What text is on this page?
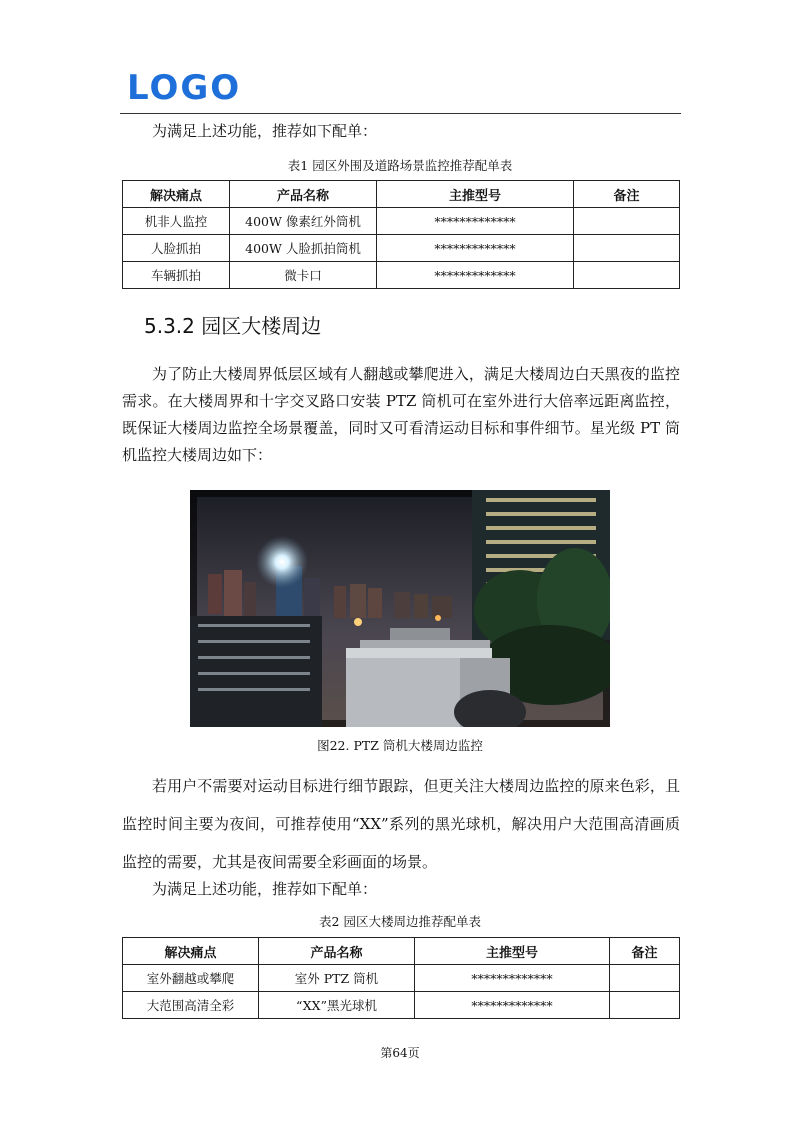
LOGO

为满足上述功能，推荐如下配单：

表1 园区外围及道路场景监控推荐配单表
解决痛点	产品名称	主推型号	备注
机非人监控	400W 像素红外筒机	*************	
人脸抓拍	400W 人脸抓拍筒机	*************	
车辆抓拍	微卡口	*************	
5.3.2 园区大楼周边

为了防止大楼周界低层区域有人翻越或攀爬进入，满足大楼周边白天黑夜的监控需求。在大楼周界和十字交叉路口安装 PTZ 筒机可在室外进行大倍率远距离监控，既保证大楼周边监控全场景覆盖，同时又可看清运动目标和事件细节。星光级 PT 筒机监控大楼周边如下：

图22. PTZ 筒机大楼周边监控

若用户不需要对运动目标进行细节跟踪，但更关注大楼周边监控的原来色彩，且监控时间主要为夜间，可推荐使用“XX”系列的黑光球机，解决用户大范围高清画质监控的需要，尤其是夜间需要全彩画面的场景。

为满足上述功能，推荐如下配单：

表2 园区大楼周边推荐配单表
解决痛点	产品名称	主推型号	备注
室外翻越或攀爬	室外 PTZ 筒机	*************	
大范围高清全彩	“XX”黑光球机	*************	
第64页
